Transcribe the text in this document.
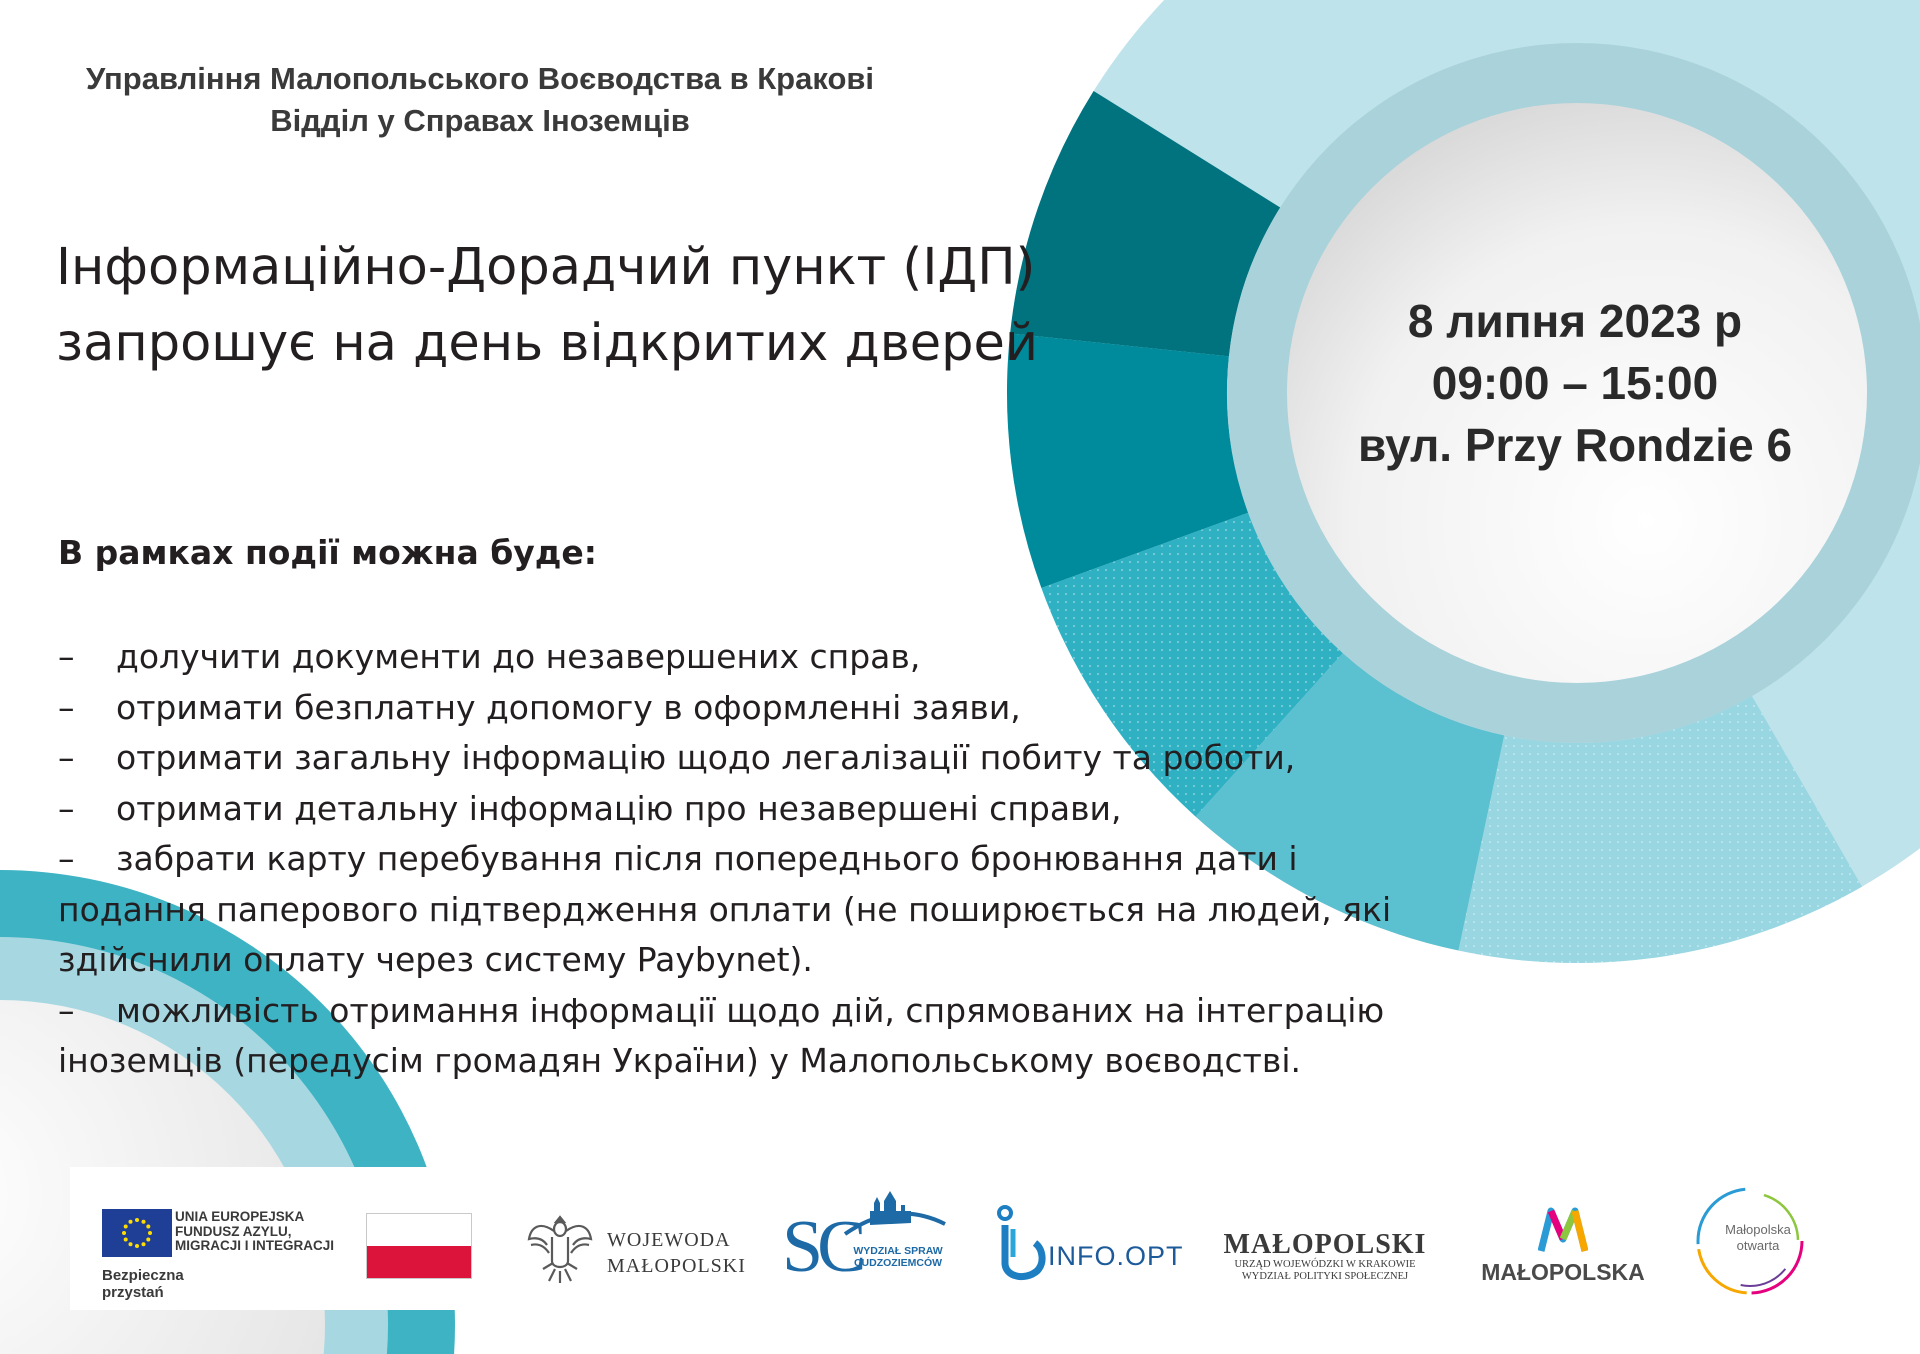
Управління Малопольського Воєводства в Кракові
Відділ у Справах Іноземців
Інформаційно-Дорадчий пункт (ІДП)
запрошує на день відкритих дверей	8 липня 2023 р
09:00 – 15:00
вул. Przy Rondzie 6
В рамках події можна буде:
– долучити документи до незавершених справ,
– отримати безплатну допомогу в оформленні заяви,
– отримати загальну інформацію щодо легалізації побиту та роботи,
– отримати детальну інформацію про незавершені справи,
– забрати карту перебування після попереднього бронювання дати і
подання паперового підтвердження оплати (не поширюється на людей, які
здійснили оплату через систему Paybynet).
– можливість отримання інформації щодо дій, спрямованих на інтеграцію
іноземців (передусім громадян України) у Малопольському воєводстві.
UNIA EUROPEJSKA
FUNDUSZ AZYLU,
MIGRACJI I INTEGRACJI
Bezpieczna przystań
WOJEWODA
MAŁOPOLSKI SC
WYDZIAŁ SPRAW
CUDZOZIEMCÓW	INFO.OPT MAŁOPOLSKI
URZĄD WOJEWÓDZKI W KRAKOWIE
WYDZIAŁ POLITYKI SPOŁECZNEJ	MAŁOPOLSKA
Małopolska
otwarta
